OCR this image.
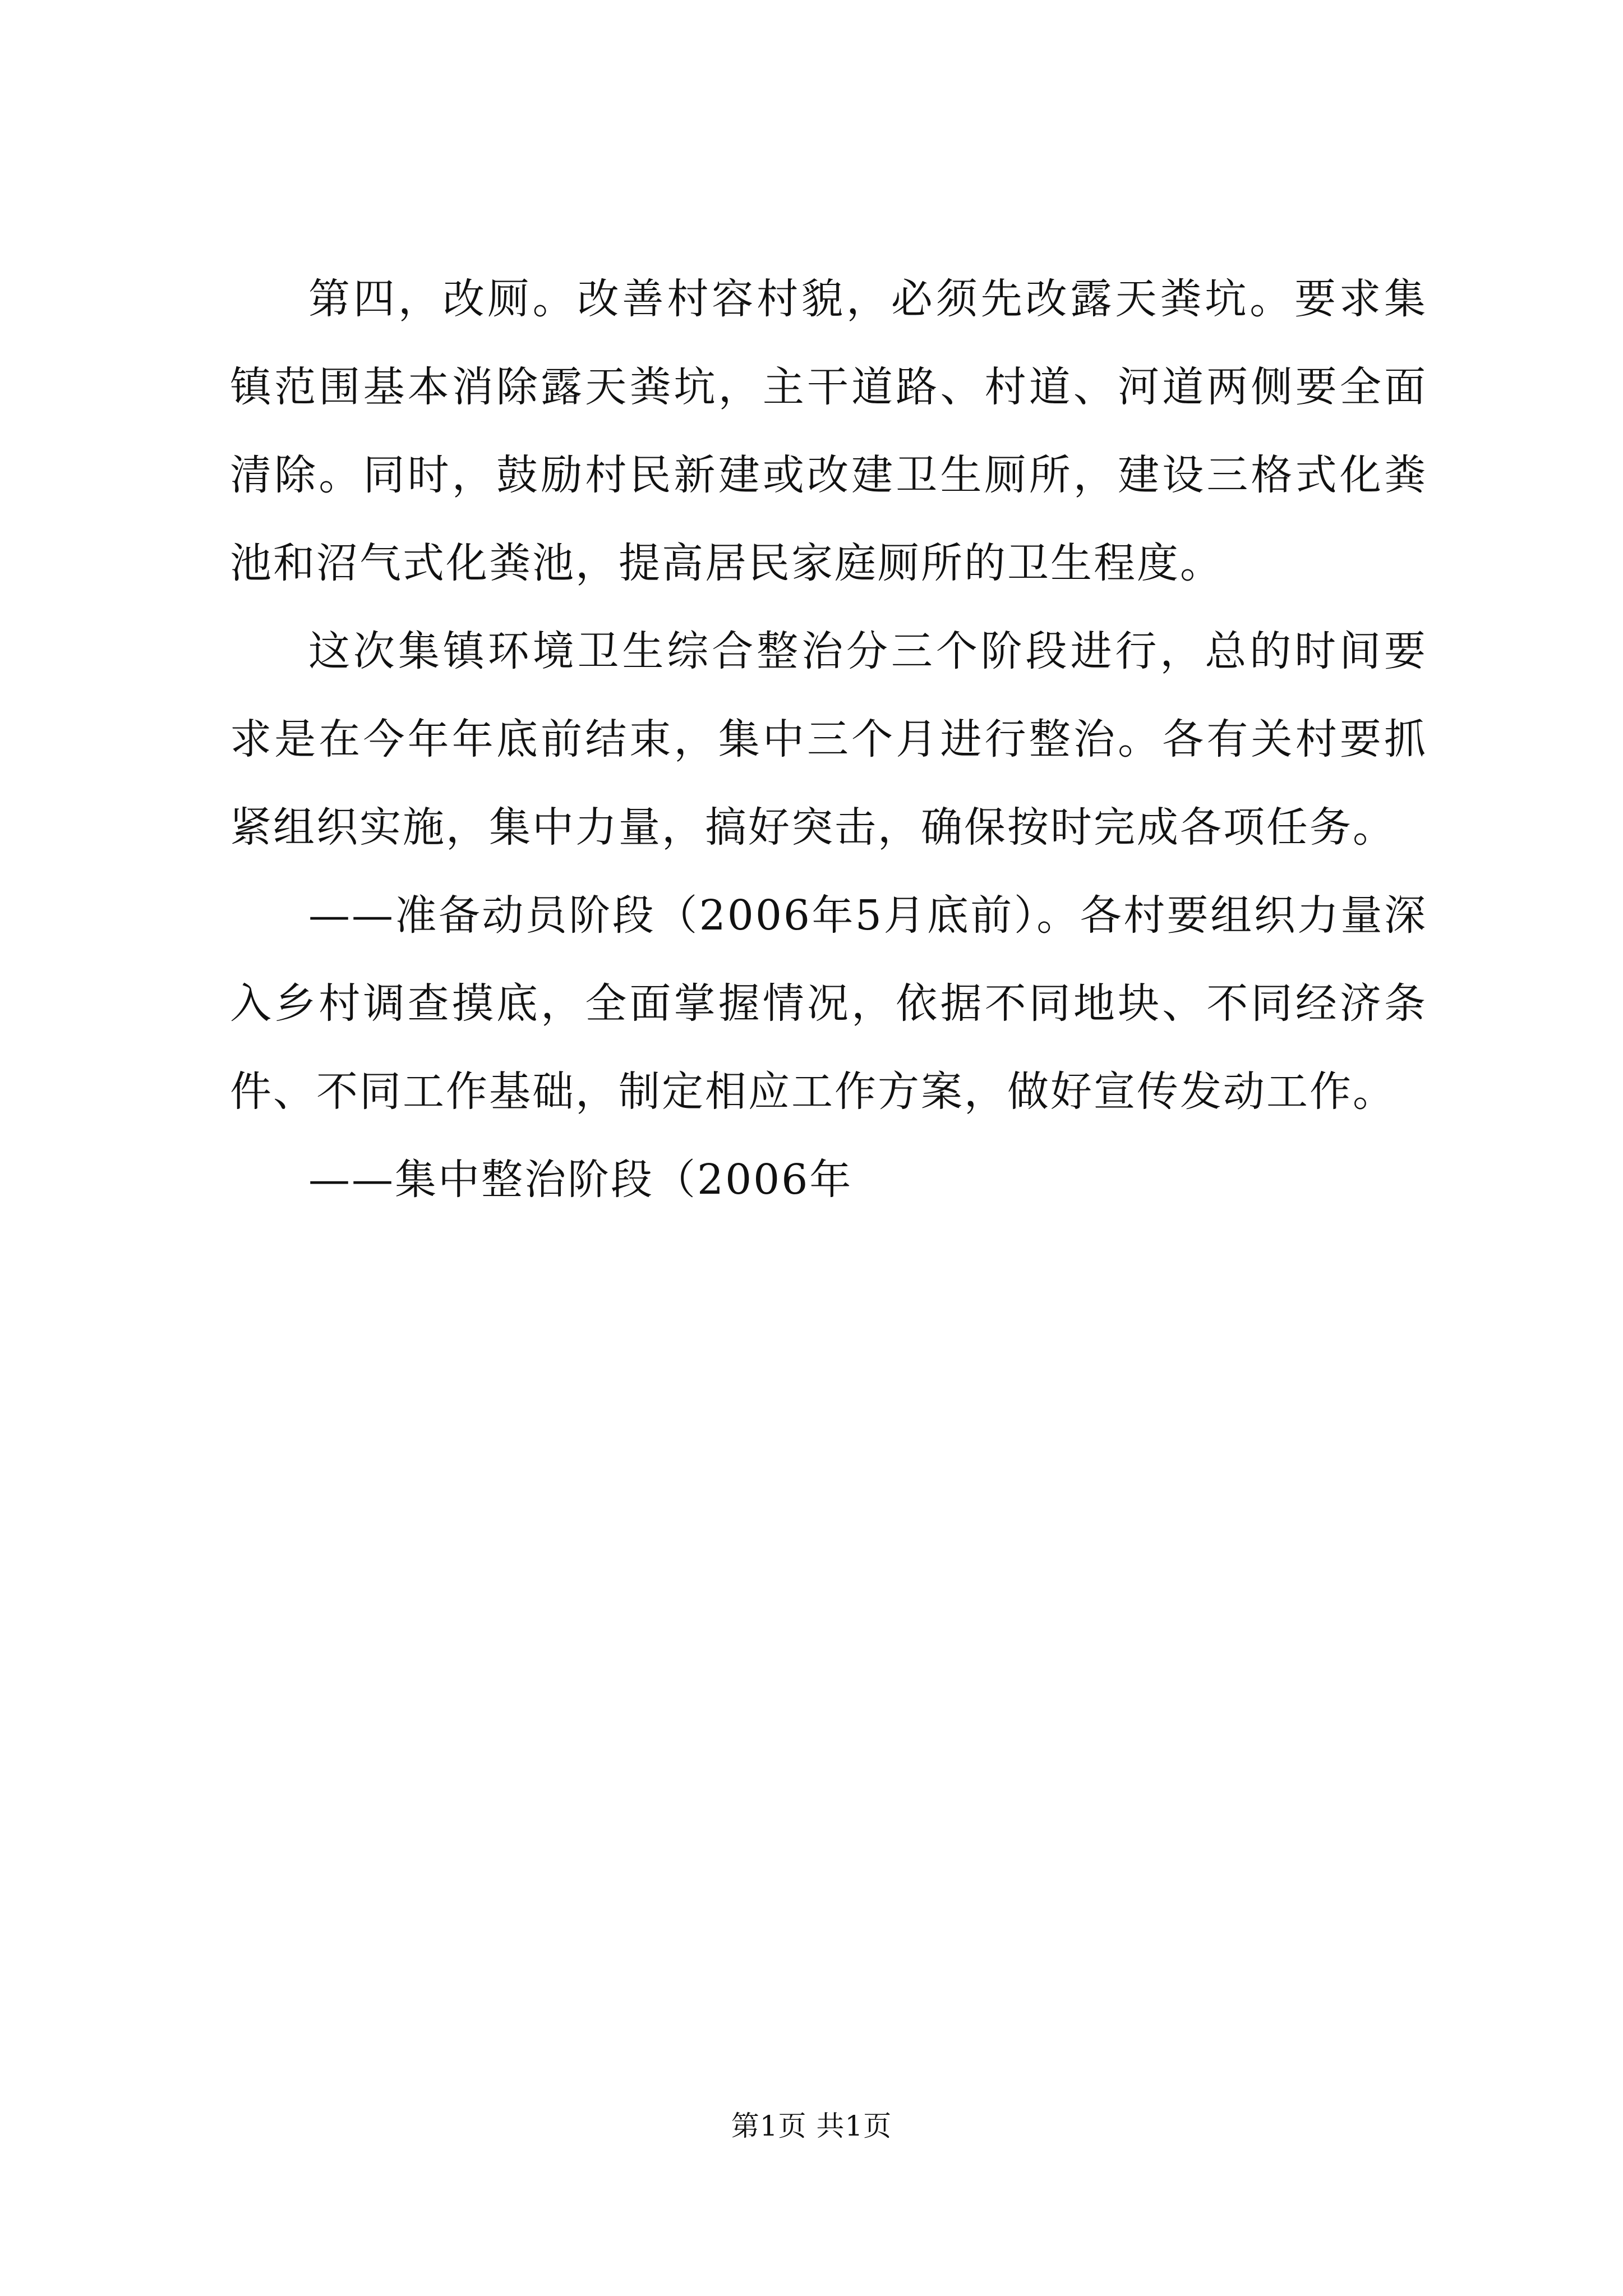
第四，改厕。改善村容村貌，必须先改露天粪坑。要求集镇范围基本消除露天粪坑，主干道路、村道、河道两侧要全面清除。同时，鼓励村民新建或改建卫生厕所，建设三格式化粪池和沼气式化粪池，提高居民家庭厕所的卫生程度。

这次集镇环境卫生综合整治分三个阶段进行，总的时间要求是在今年年底前结束，集中三个月进行整治。各有关村要抓紧组织实施，集中力量，搞好突击，确保按时完成各项任务。

——准备动员阶段（2006年5月底前）。各村要组织力量深入乡村调查摸底，全面掌握情况，依据不同地块、不同经济条件、不同工作基础，制定相应工作方案，做好宣传发动工作。

——集中整治阶段（2006年

第1页 共1页
